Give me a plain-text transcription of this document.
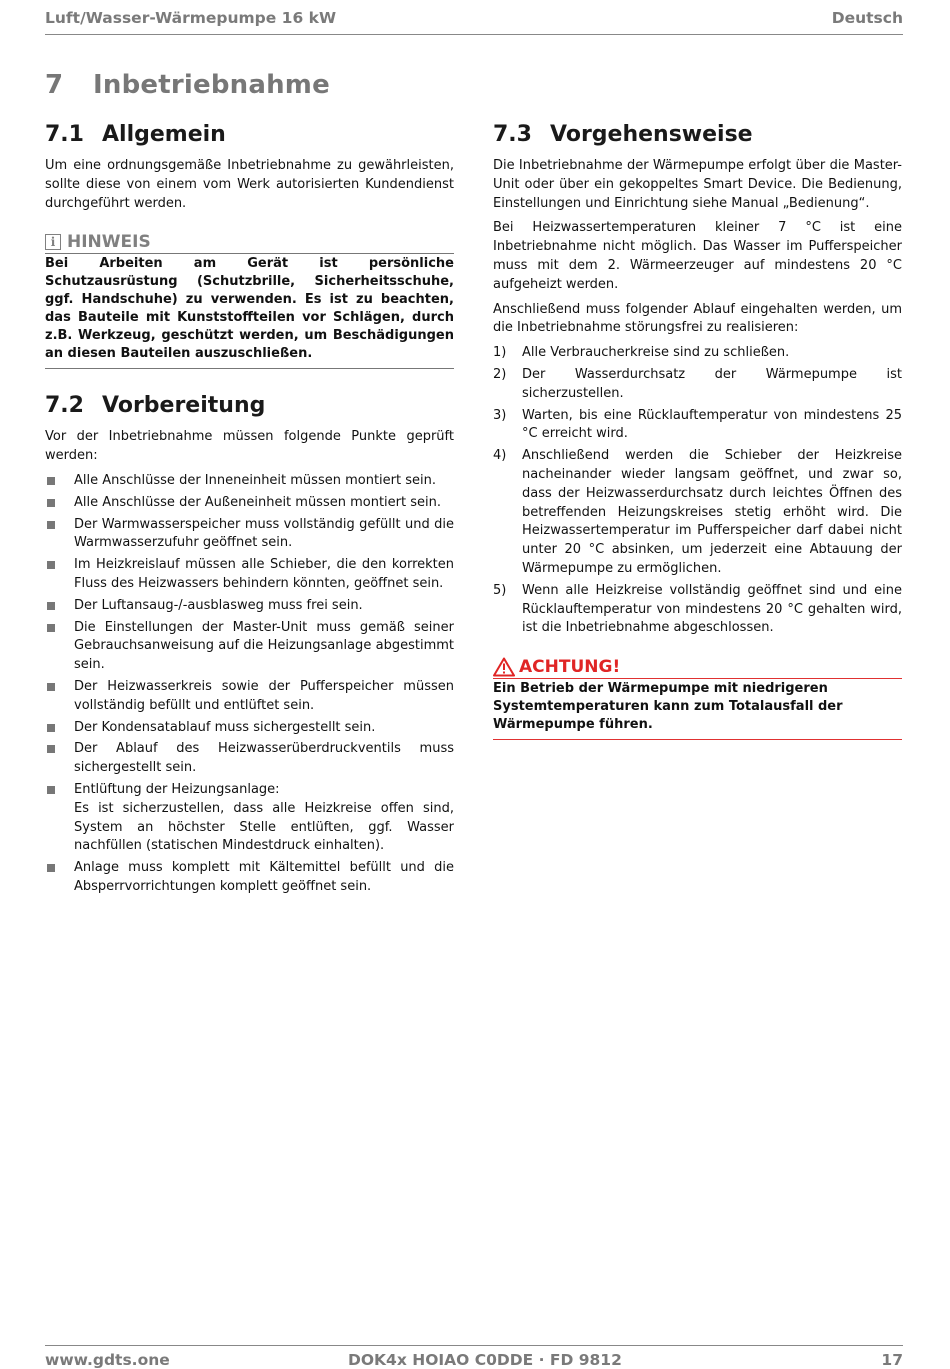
Luft/Wasser-Wärmepumpe 16 kW	Deutsch
7 Inbetriebnahme
7.1 Allgemein

Um eine ordnungsgemäße Inbetriebnahme zu gewährleisten, sollte diese von einem vom Werk autorisierten Kundendienst durchgeführt werden.

i HINWEIS
Bei Arbeiten am Gerät ist persönliche Schutzausrüstung (Schutzbrille, Sicherheitsschuhe, ggf. Handschuhe) zu verwenden. Es ist zu beachten, das Bauteile mit Kunststoffteilen vor Schlägen, durch z.B. Werkzeug, geschützt werden, um Beschädigungen an diesen Bauteilen auszuschließen.
7.2 Vorbereitung

Vor der Inbetriebnahme müssen folgende Punkte geprüft werden:

Alle Anschlüsse der Inneneinheit müssen montiert sein.
Alle Anschlüsse der Außeneinheit müssen montiert sein.
Der Warmwasserspeicher muss vollständig gefüllt und die Warmwasserzufuhr geöffnet sein.
Im Heizkreislauf müssen alle Schieber, die den korrekten Fluss des Heizwassers behindern könnten, geöffnet sein.
Der Luftansaug-/-ausblasweg muss frei sein.
Die Einstellungen der Master-Unit muss gemäß seiner Gebrauchsanweisung auf die Heizungsanlage abgestimmt sein.
Der Heizwasserkreis sowie der Pufferspeicher müssen vollständig befüllt und entlüftet sein.
Der Kondensatablauf muss sichergestellt sein.
Der Ablauf des Heizwasserüberdruckventils muss sichergestellt sein.
Entlüftung der Heizungsanlage:
Es ist sicherzustellen, dass alle Heizkreise offen sind, System an höchster Stelle entlüften, ggf. Wasser nachfüllen (statischen Mindestdruck einhalten).
Anlage muss komplett mit Kältemittel befüllt und die Absperrvorrichtungen komplett geöffnet sein.
7.3 Vorgehensweise

Die Inbetriebnahme der Wärmepumpe erfolgt über die Master-Unit oder über ein gekoppeltes Smart Device. Die Bedienung, Einstellungen und Einrichtung siehe Manual „Bedienung“.

Bei Heizwassertemperaturen kleiner 7 °C ist eine Inbetriebnahme nicht möglich. Das Wasser im Pufferspeicher muss mit dem 2. Wärmeerzeuger auf mindestens 20 °C aufgeheizt werden.

Anschließend muss folgender Ablauf eingehalten werden, um die Inbetriebnahme störungsfrei zu realisieren:

1) Alle Verbraucherkreise sind zu schließen.
2) Der Wasserdurchsatz der Wärmepumpe ist sicherzustellen.
3) Warten, bis eine Rücklauftemperatur von mindestens 25 °C erreicht wird.
4) Anschließend werden die Schieber der Heizkreise nacheinander wieder langsam geöffnet, und zwar so, dass der Heizwasserdurchsatz durch leichtes Öffnen des betreffenden Heizungskreises stetig erhöht wird. Die Heizwassertemperatur im Pufferspeicher darf dabei nicht unter 20 °C absinken, um jederzeit eine Abtauung der Wärmepumpe zu ermöglichen.
5) Wenn alle Heizkreise vollständig geöffnet sind und eine Rücklauftemperatur von mindestens 20 °C gehalten wird, ist die Inbetriebnahme abgeschlossen.
ACHTUNG!
Ein Betrieb der Wärmepumpe mit niedrigeren Systemtemperaturen kann zum Totalausfall der Wärmepumpe führen.
www.gdts.one	DOK4x HOIAO C0DDE · FD 9812	17
